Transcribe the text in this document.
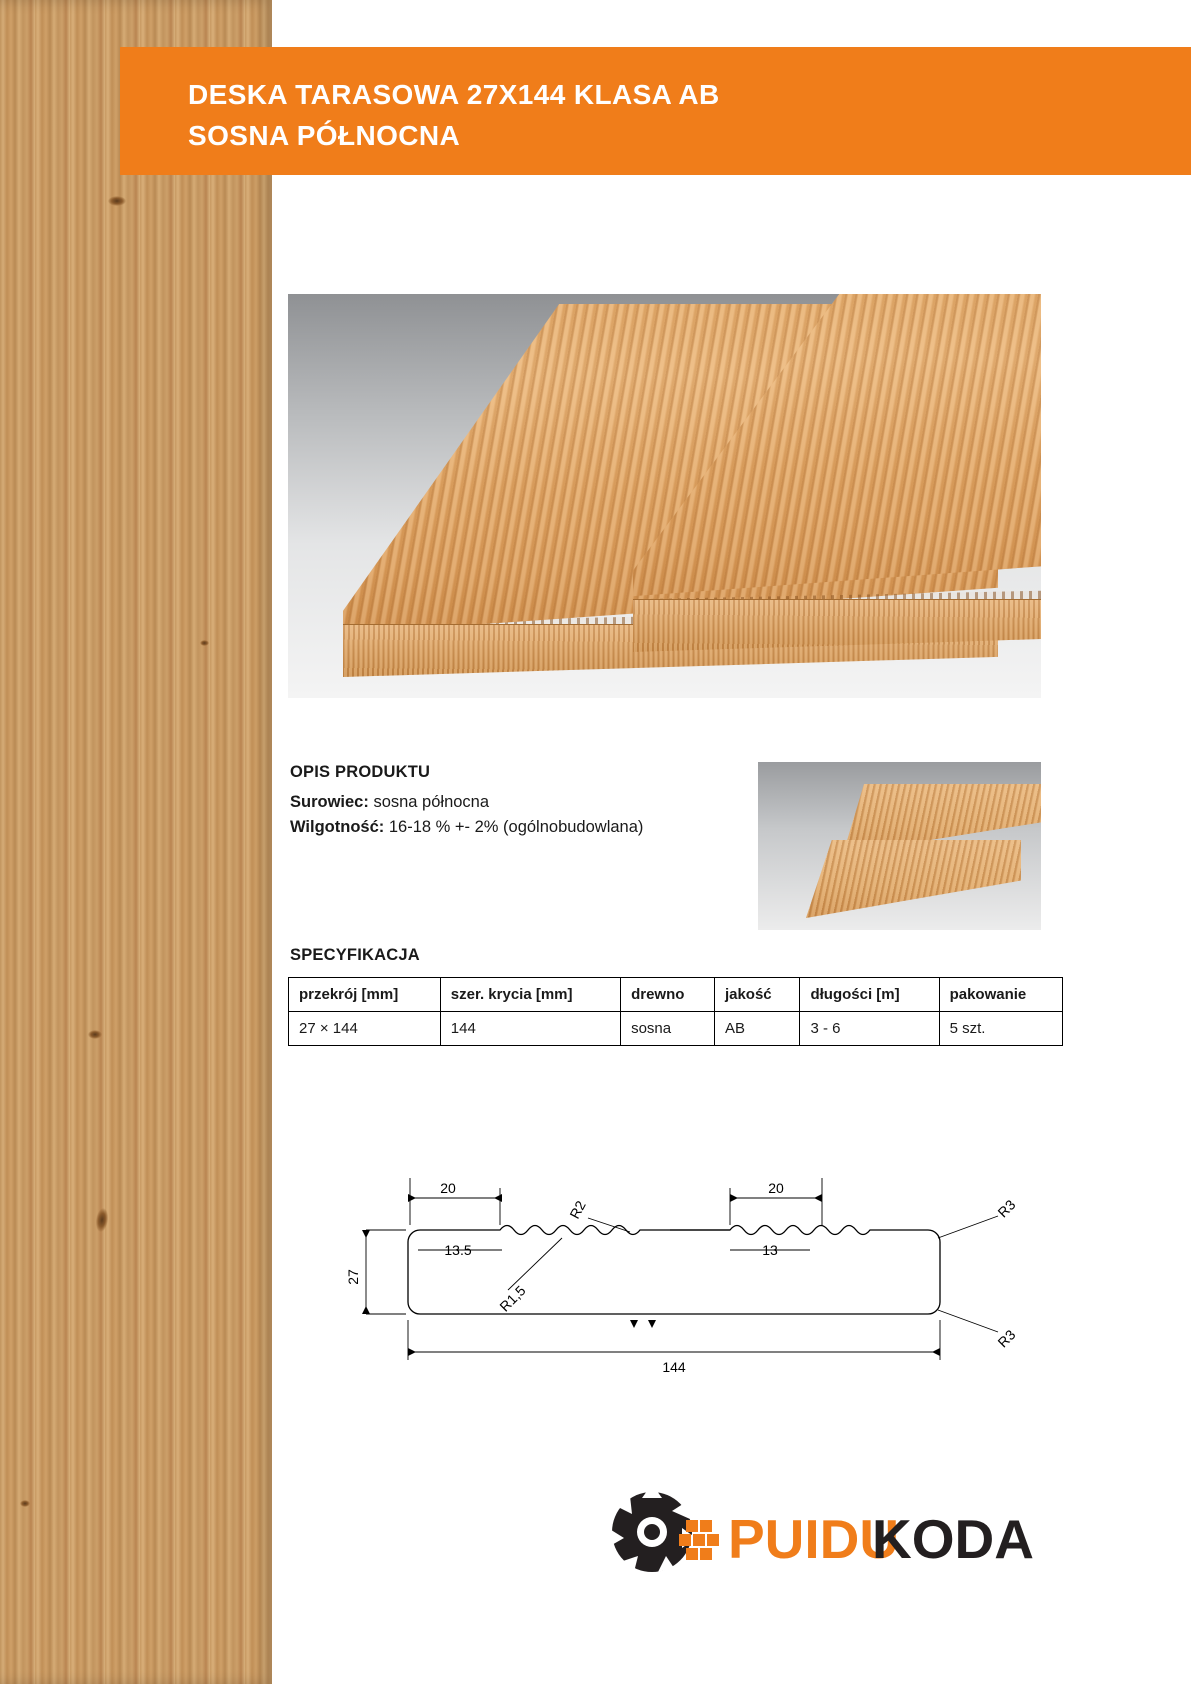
DESKA TARASOWA 27X144 KLASA AB
SOSNA PÓŁNOCNA
OPIS PRODUKTU
Surowiec: sosna północna
Wilgotność: 16-18 % +- 2% (ogólnobudowlana)
SPECYFIKACJA
przekrój [mm]	szer. krycia [mm]	drewno	jakość	długości [m]	pakowanie
27 × 144	144	sosna	AB	3 - 6	5 szt.
20	20
13.5	13
27
144
R1,5
R2	R3
R3
PUIDU
KODA
